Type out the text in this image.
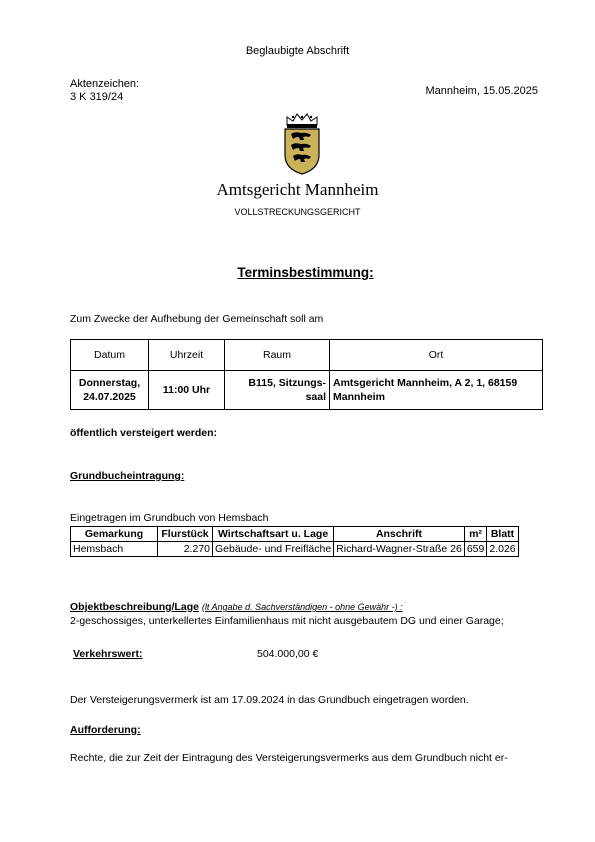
Beglaubigte Abschrift
Aktenzeichen:
3 K 319/24	Mannheim, 15.05.2025
Amtsgericht Mannheim
VOLLSTRECKUNGSGERICHT
Terminsbestimmung:
Zum Zwecke der Aufhebung der Gemeinschaft soll am
Datum	Uhrzeit	Raum	Ort
Donnerstag, 24.07.2025	11:00 Uhr	B115, Sitzungs-saal	Amtsgericht Mannheim, A 2, 1, 68159 Mannheim
öffentlich versteigert werden:
Grundbucheintragung:
Eingetragen im Grundbuch von Hemsbach
Gemarkung	Flurstück	Wirtschaftsart u. Lage	Anschrift	m²	Blatt
Hemsbach	2.270	Gebäude- und Freifläche	Richard-Wagner-Straße 26	659	2.026
Objektbeschreibung/Lage (lt Angabe d. Sachverständigen - ohne Gewähr -) :
2-geschossiges, unterkellertes Einfamilienhaus mit nicht ausgebautem DG und einer Garage;
Verkehrswert:	504.000,00 €
Der Versteigerungsvermerk ist am 17.09.2024 in das Grundbuch eingetragen worden.
Aufforderung:
Rechte, die zur Zeit der Eintragung des Versteigerungsvermerks aus dem Grundbuch nicht er-
